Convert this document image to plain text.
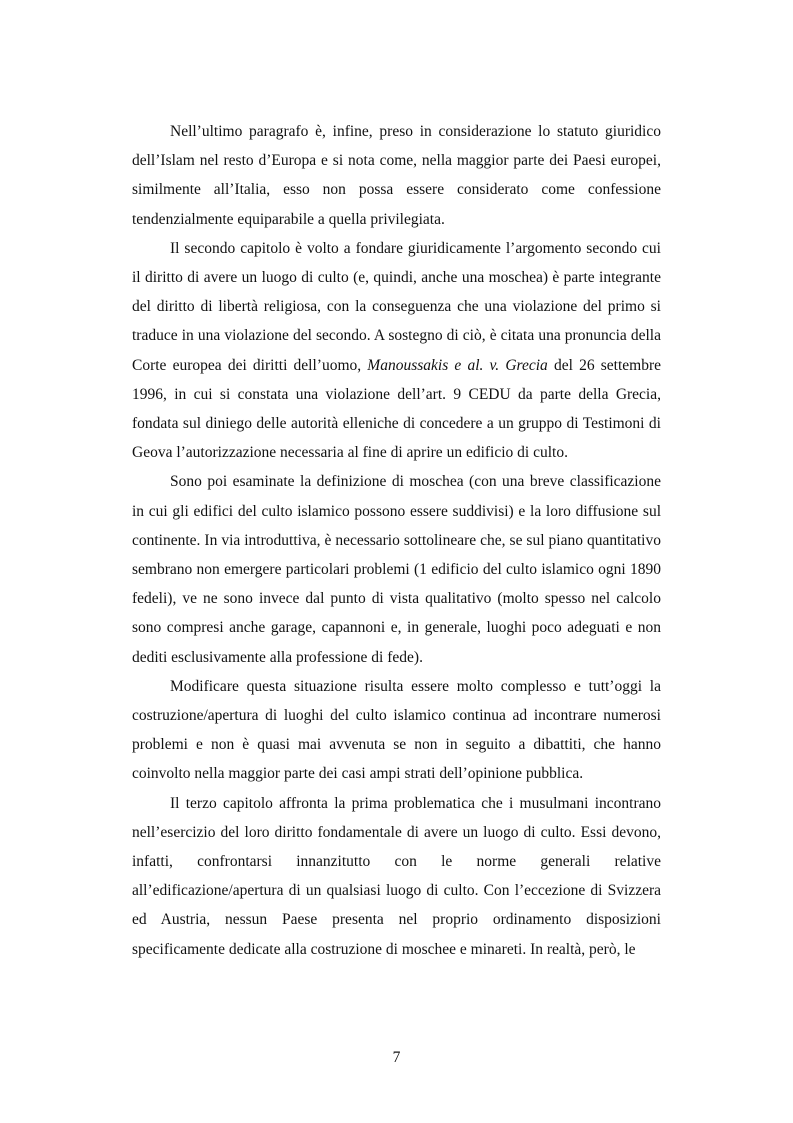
Nell’ultimo paragrafo è, infine, preso in considerazione lo statuto giuridico dell’Islam nel resto d’Europa e si nota come, nella maggior parte dei Paesi europei, similmente all’Italia, esso non possa essere considerato come confessione tendenzialmente equiparabile a quella privilegiata.

Il secondo capitolo è volto a fondare giuridicamente l’argomento secondo cui il diritto di avere un luogo di culto (e, quindi, anche una moschea) è parte integrante del diritto di libertà religiosa, con la conseguenza che una violazione del primo si traduce in una violazione del secondo. A sostegno di ciò, è citata una pronuncia della Corte europea dei diritti dell’uomo, Manoussakis e al. v. Grecia del 26 settembre 1996, in cui si constata una violazione dell’art. 9 CEDU da parte della Grecia, fondata sul diniego delle autorità elleniche di concedere a un gruppo di Testimoni di Geova l’autorizzazione necessaria al fine di aprire un edificio di culto.

Sono poi esaminate la definizione di moschea (con una breve classificazione in cui gli edifici del culto islamico possono essere suddivisi) e la loro diffusione sul continente. In via introduttiva, è necessario sottolineare che, se sul piano quantitativo sembrano non emergere particolari problemi (1 edificio del culto islamico ogni 1890 fedeli), ve ne sono invece dal punto di vista qualitativo (molto spesso nel calcolo sono compresi anche garage, capannoni e, in generale, luoghi poco adeguati e non dediti esclusivamente alla professione di fede).

Modificare questa situazione risulta essere molto complesso e tutt’oggi la costruzione/apertura di luoghi del culto islamico continua ad incontrare numerosi problemi e non è quasi mai avvenuta se non in seguito a dibattiti, che hanno coinvolto nella maggior parte dei casi ampi strati dell’opinione pubblica.

Il terzo capitolo affronta la prima problematica che i musulmani incontrano nell’esercizio del loro diritto fondamentale di avere un luogo di culto. Essi devono, infatti, confrontarsi innanzitutto con le norme generali relative all’edificazione/apertura di un qualsiasi luogo di culto. Con l’eccezione di Svizzera ed Austria, nessun Paese presenta nel proprio ordinamento disposizioni specificamente dedicate alla costruzione di moschee e minareti. In realtà, però, le

7
